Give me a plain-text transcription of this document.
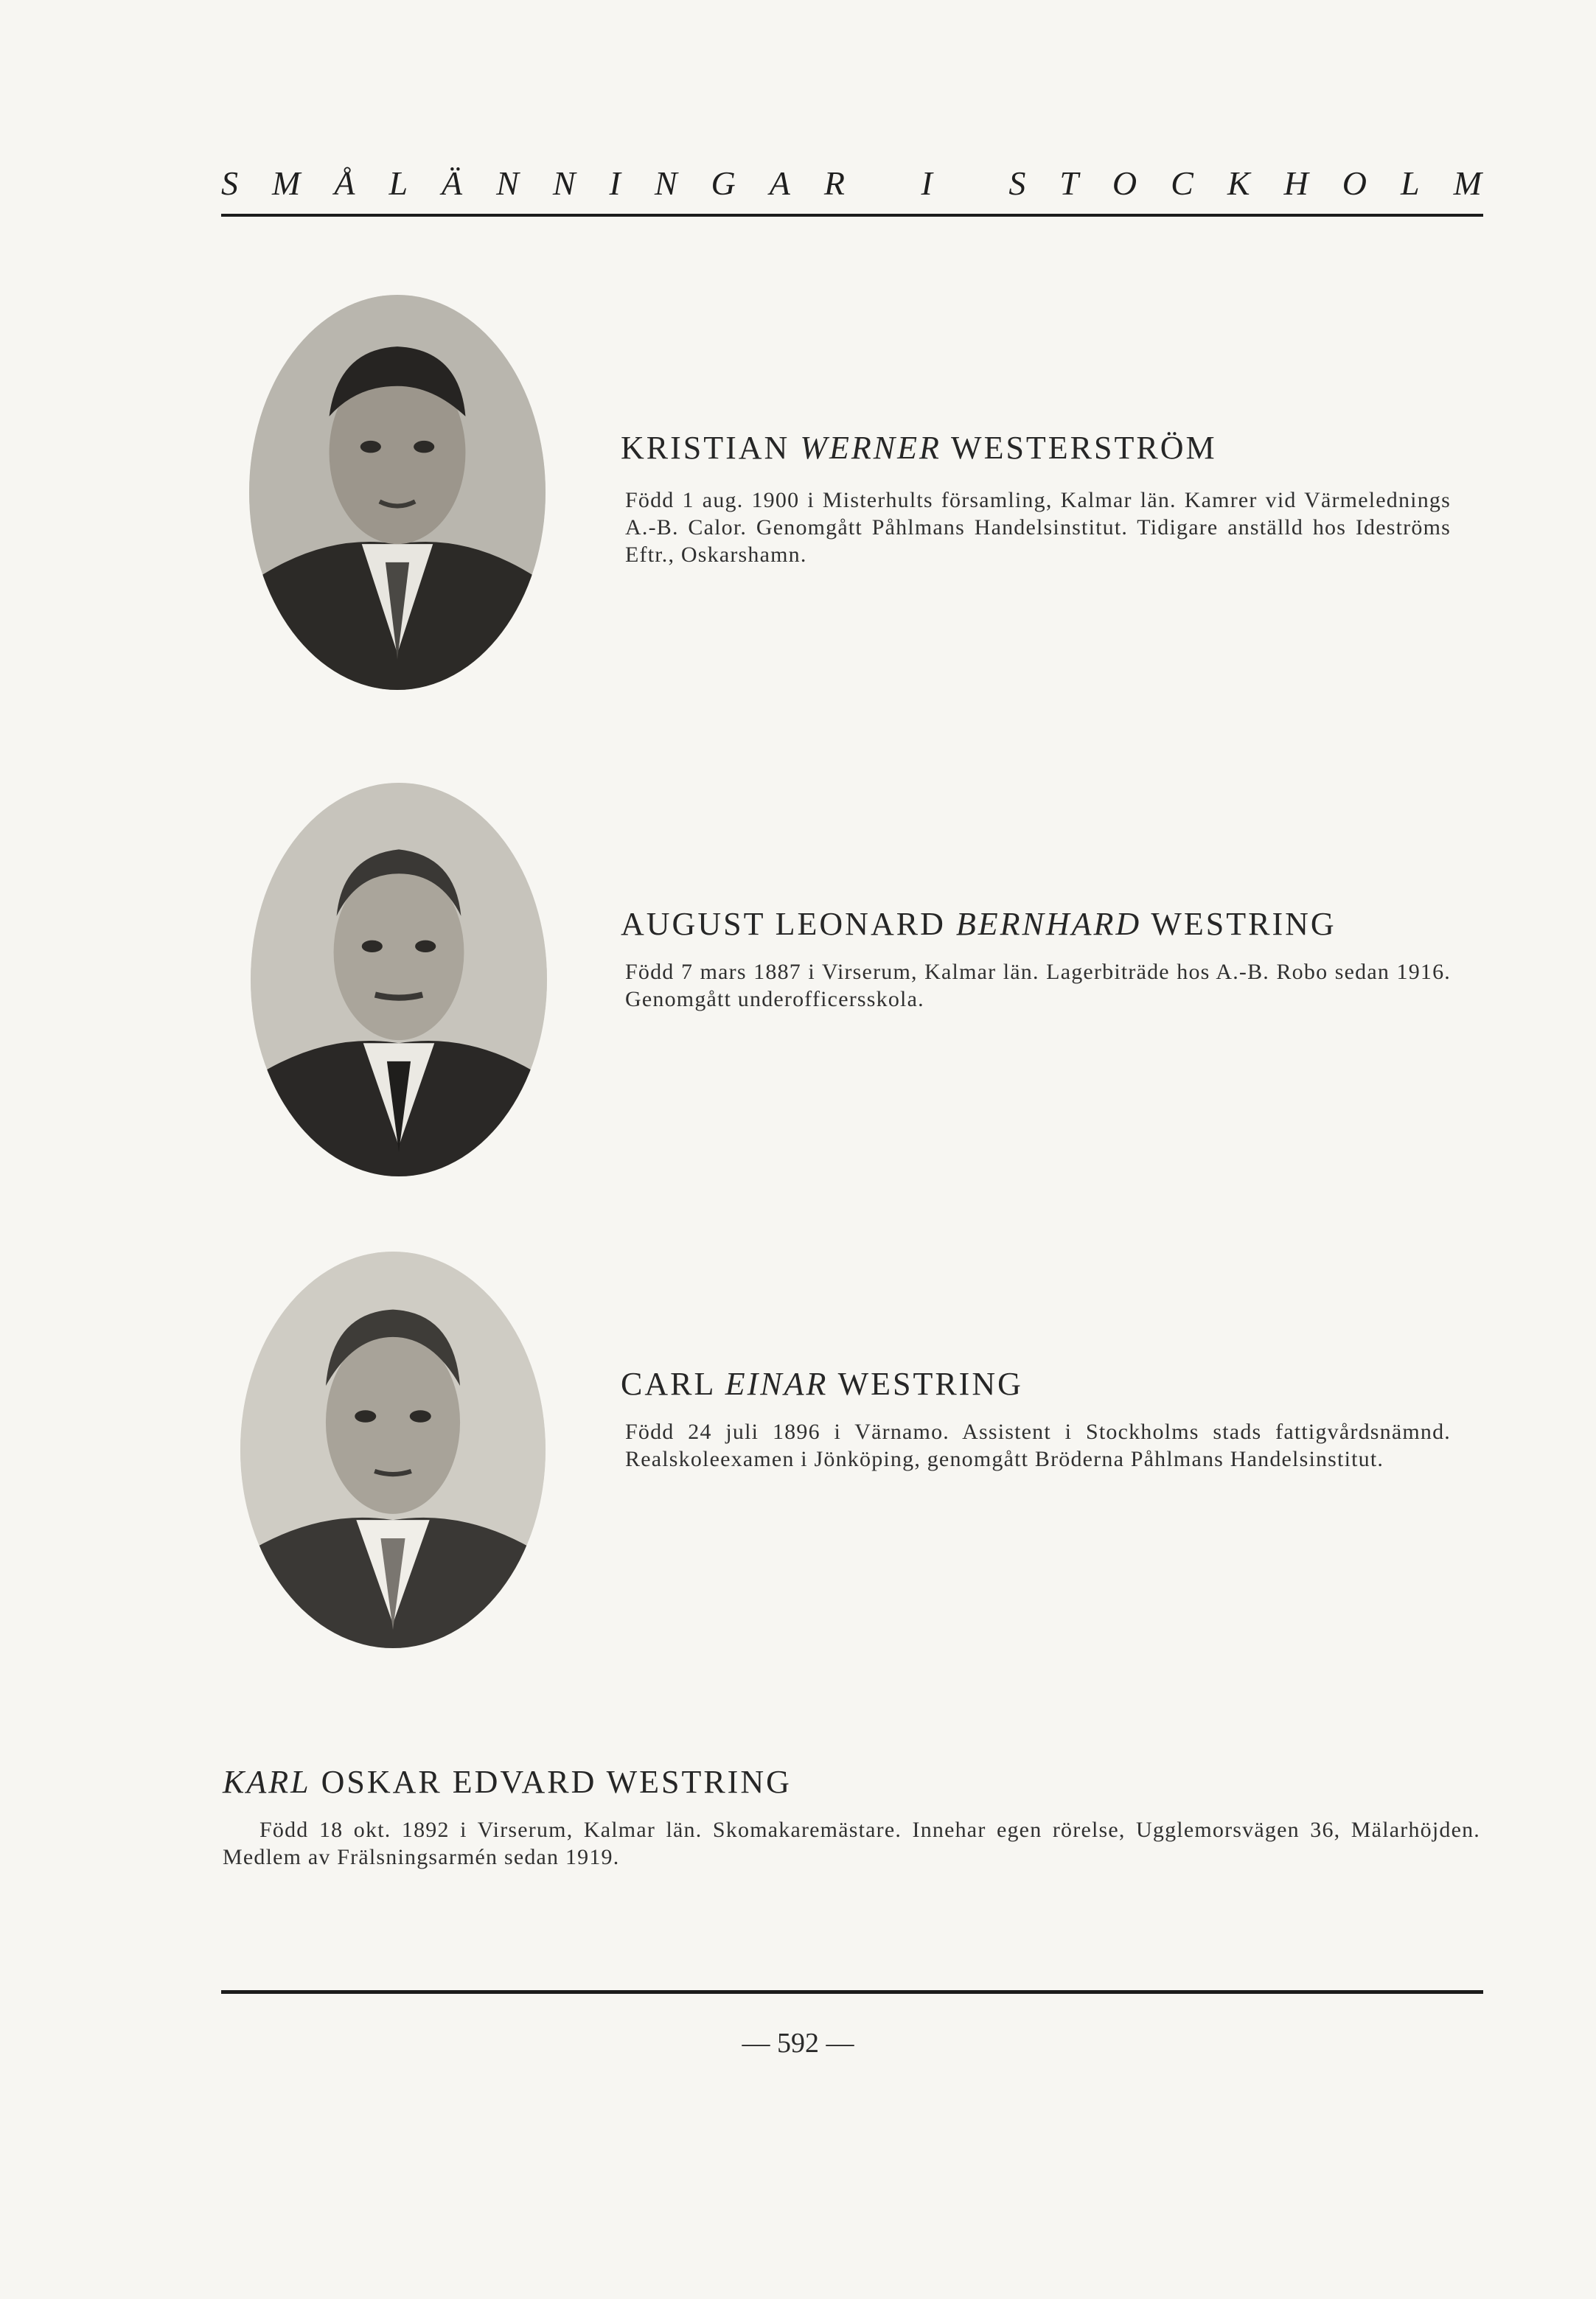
S M Å L Ä N N I N G A R
I
S T O C K H O L M
KRISTIAN WERNER WESTERSTRÖM
Född 1 aug. 1900 i Misterhults församling, Kalmar län. Kamrer vid Värmelednings A.-B. Calor. Genomgått Påhlmans Handelsinstitut. Tidigare anställd hos Ideströms Eftr., Oskarshamn.
AUGUST LEONARD BERNHARD WESTRING
Född 7 mars 1887 i Virserum, Kalmar län. Lagerbiträde hos A.-B. Robo sedan 1916. Genomgått underofficersskola.
CARL EINAR WESTRING
Född 24 juli 1896 i Värnamo. Assistent i Stockholms stads fattigvårdsnämnd. Realskoleexamen i Jönköping, genomgått Bröderna Påhlmans Handelsinstitut.
KARL OSKAR EDVARD WESTRING
Född 18 okt. 1892 i Virserum, Kalmar län. Skomakaremästare. Innehar egen rörelse, Ugglemorsvägen 36, Mälarhöjden. Medlem av Frälsningsarmén sedan 1919.
— 592 —
